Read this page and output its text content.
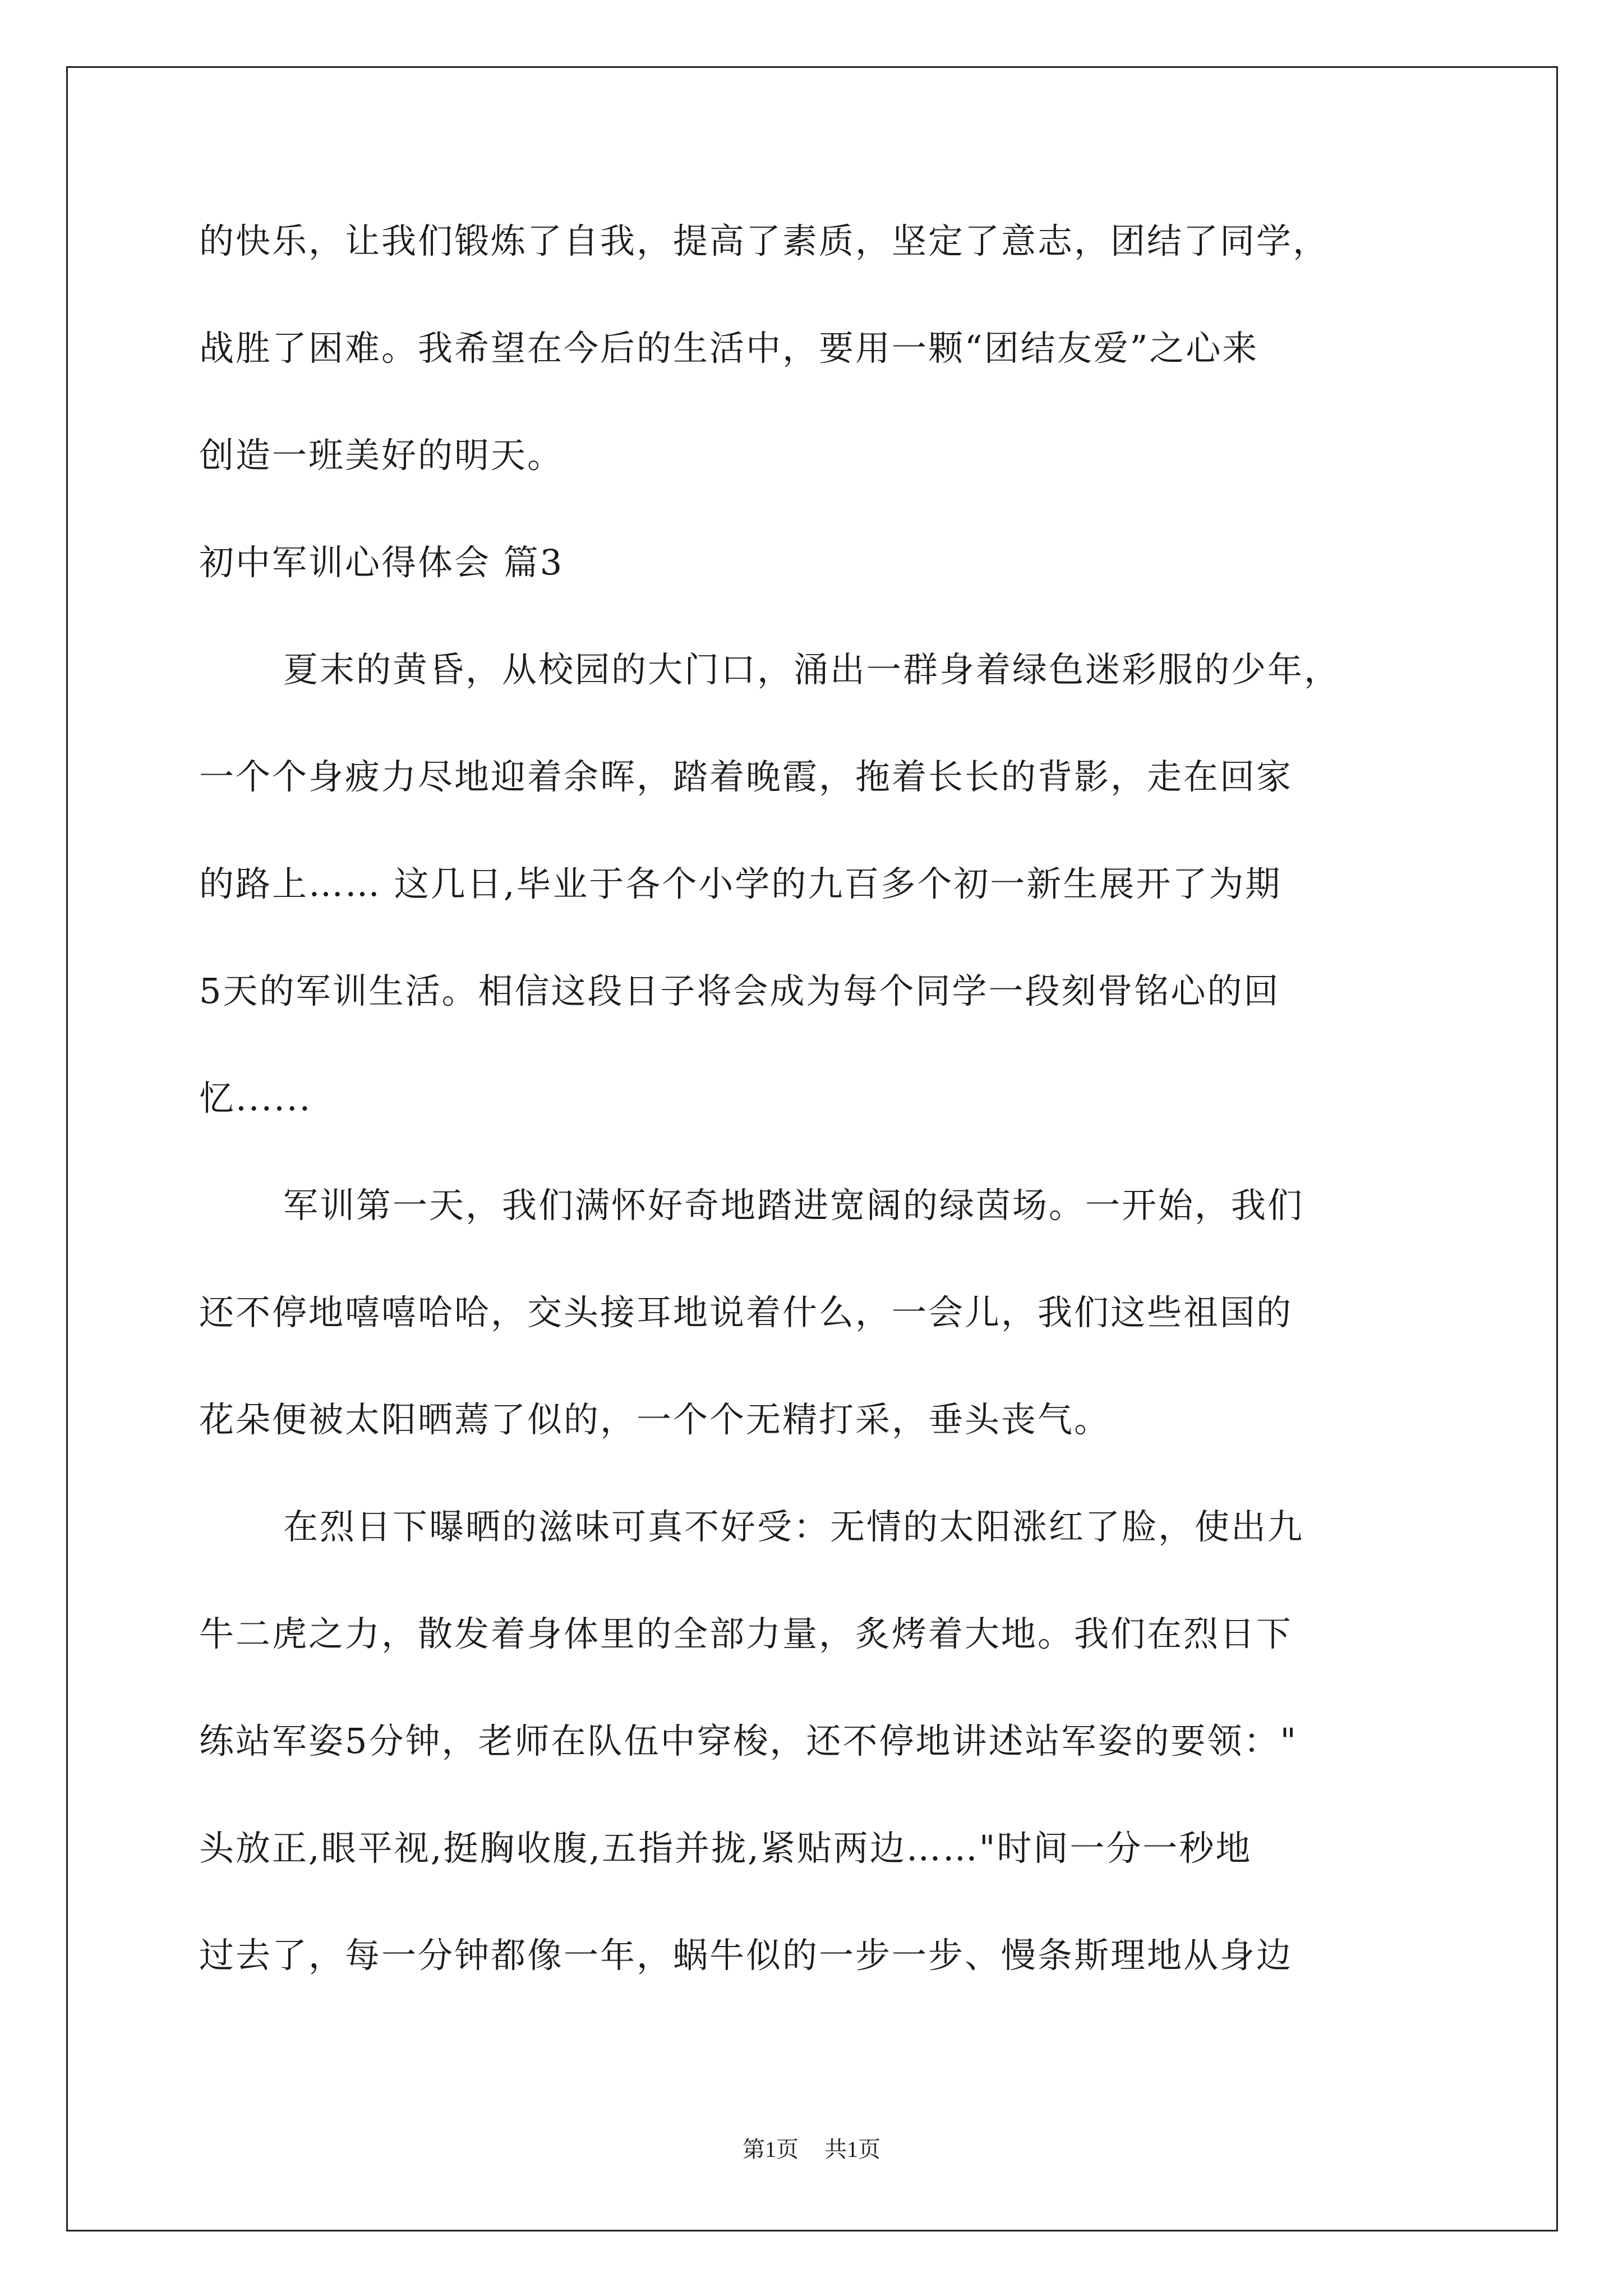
的快乐，让我们锻炼了自我，提高了素质，坚定了意志，团结了同学，
战胜了困难。我希望在今后的生活中，要用一颗“团结友爱”之心来
创造一班美好的明天。
初中军训心得体会 篇3
夏末的黄昏，从校园的大门口，涌出一群身着绿色迷彩服的少年，
一个个身疲力尽地迎着余晖，踏着晚霞，拖着长长的背影，走在回家
的路上…… 这几日,毕业于各个小学的九百多个初一新生展开了为期
5天的军训生活。相信这段日子将会成为每个同学一段刻骨铭心的回
忆......
军训第一天，我们满怀好奇地踏进宽阔的绿茵场。一开始，我们
还不停地嘻嘻哈哈，交头接耳地说着什么，一会儿，我们这些祖国的
花朵便被太阳晒蔫了似的，一个个无精打采，垂头丧气。
在烈日下曝晒的滋味可真不好受：无情的太阳涨红了脸，使出九
牛二虎之力，散发着身体里的全部力量，炙烤着大地。我们在烈日下
练站军姿5分钟，老师在队伍中穿梭，还不停地讲述站军姿的要领："
头放正,眼平视,挺胸收腹,五指并拢,紧贴两边……"时间一分一秒地
过去了，每一分钟都像一年，蜗牛似的一步一步、慢条斯理地从身边
第1页 共1页
